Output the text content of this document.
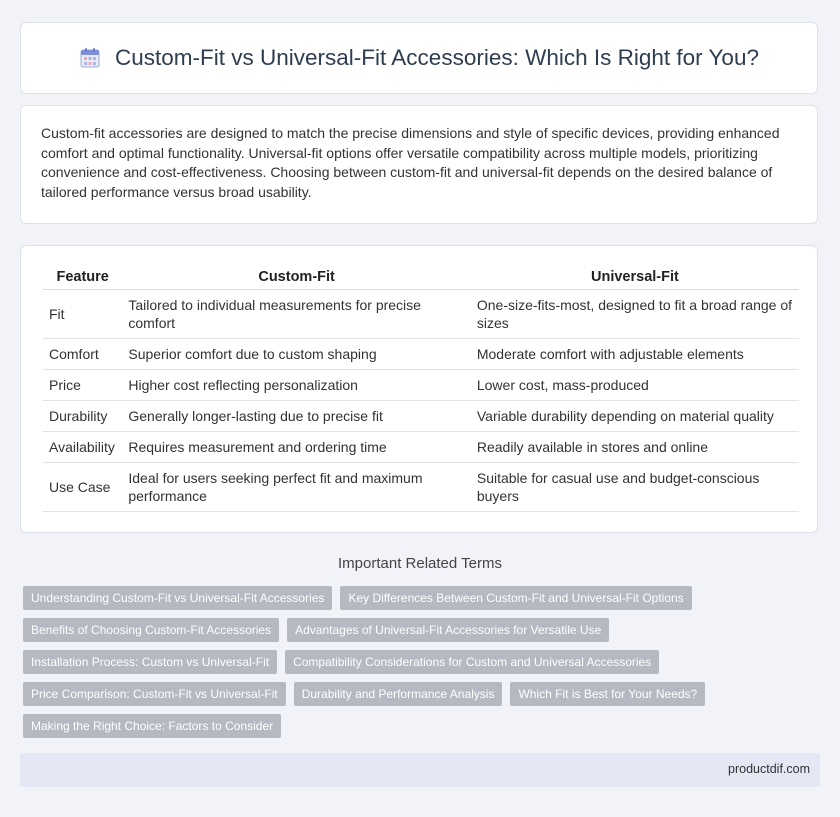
Custom-Fit vs Universal-Fit Accessories: Which Is Right for You?

Custom-fit accessories are designed to match the precise dimensions and style of specific devices, providing enhanced comfort and optimal functionality. Universal-fit options offer versatile compatibility across multiple models, prioritizing convenience and cost-effectiveness. Choosing between custom-fit and universal-fit depends on the desired balance of tailored performance versus broad usability.

Feature	Custom-Fit	Universal-Fit
Fit	Tailored to individual measurements for precise comfort	One-size-fits-most, designed to fit a broad range of sizes
Comfort	Superior comfort due to custom shaping	Moderate comfort with adjustable elements
Price	Higher cost reflecting personalization	Lower cost, mass-produced
Durability	Generally longer-lasting due to precise fit	Variable durability depending on material quality
Availability	Requires measurement and ordering time	Readily available in stores and online
Use Case	Ideal for users seeking perfect fit and maximum performance	Suitable for casual use and budget-conscious buyers
Important Related Terms
Understanding Custom-Fit vs Universal-Fit Accessories	Key Differences Between Custom-Fit and Universal-Fit Options
Benefits of Choosing Custom-Fit Accessories	Advantages of Universal-Fit Accessories for Versatile Use
Installation Process: Custom vs Universal-Fit	Compatibility Considerations for Custom and Universal Accessories
Price Comparison: Custom-Fit vs Universal-Fit	Durability and Performance Analysis	Which Fit is Best for Your Needs?
Making the Right Choice: Factors to Consider
productdif.com
